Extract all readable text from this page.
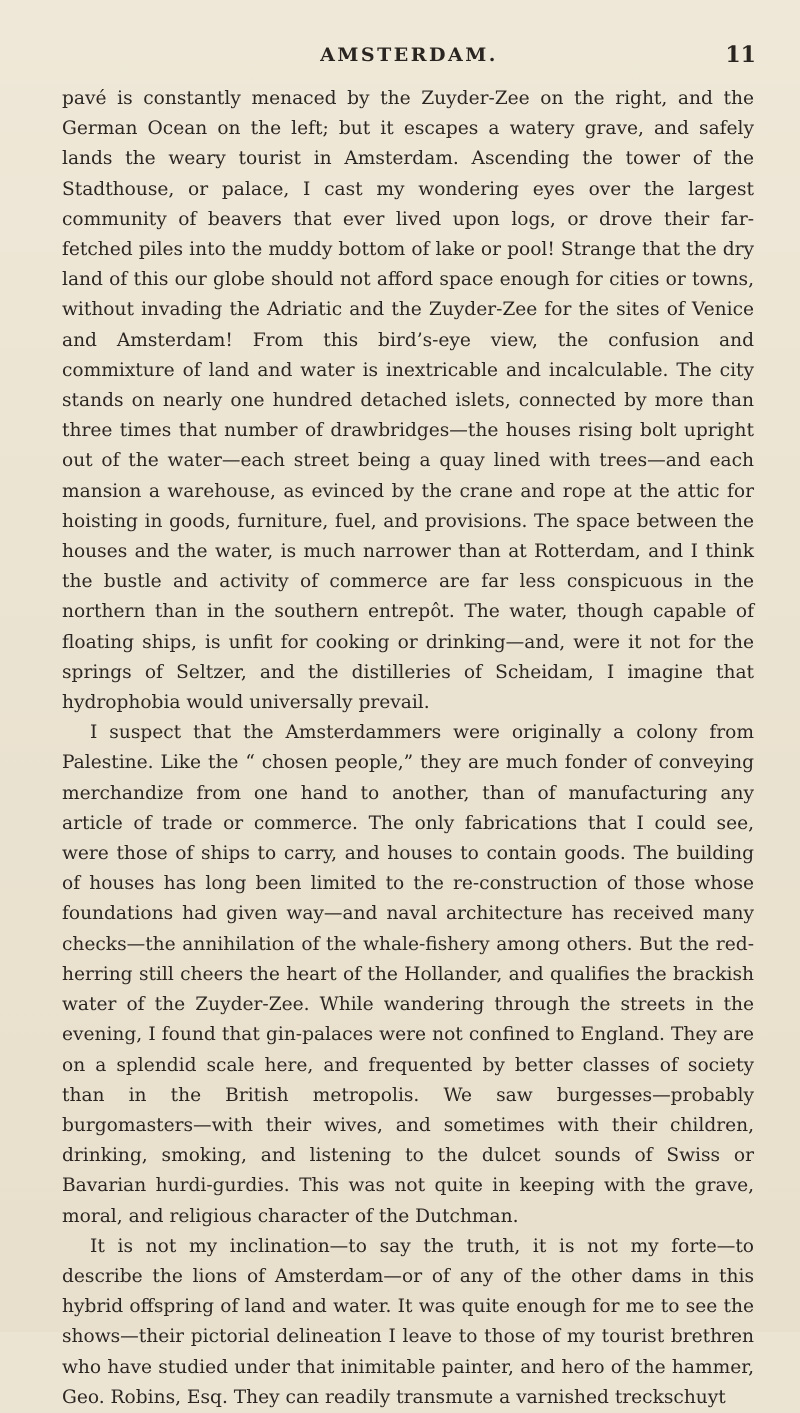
AMSTERDAM.	11

pavé is constantly menaced by the Zuyder-Zee on the right, and the German Ocean on the left; but it escapes a watery grave, and safely lands the weary tourist in Amsterdam. Ascending the tower of the Stadthouse, or palace, I cast my wondering eyes over the largest community of beavers that ever lived upon logs, or drove their far-fetched piles into the muddy bottom of lake or pool! Strange that the dry land of this our globe should not afford space enough for cities or towns, without invading the Adriatic and the Zuyder-Zee for the sites of Venice and Amsterdam! From this bird’s-eye view, the confusion and commixture of land and water is inextricable and incalculable. The city stands on nearly one hundred detached islets, connected by more than three times that number of drawbridges—the houses rising bolt upright out of the water—each street being a quay lined with trees—and each mansion a warehouse, as evinced by the crane and rope at the attic for hoisting in goods, furniture, fuel, and provisions. The space between the houses and the water, is much narrower than at Rotterdam, and I think the bustle and activity of commerce are far less conspicuous in the northern than in the southern entrepôt. The water, though capable of floating ships, is unfit for cooking or drinking—and, were it not for the springs of Seltzer, and the distilleries of Scheidam, I imagine that hydrophobia would universally prevail.

I suspect that the Amsterdammers were originally a colony from Palestine. Like the “ chosen people,” they are much fonder of conveying merchandize from one hand to another, than of manufacturing any article of trade or commerce. The only fabrications that I could see, were those of ships to carry, and houses to contain goods. The building of houses has long been limited to the re-construction of those whose foundations had given way—and naval architecture has received many checks—the annihilation of the whale-fishery among others. But the red-herring still cheers the heart of the Hollander, and qualifies the brackish water of the Zuyder-Zee. While wandering through the streets in the evening, I found that gin-palaces were not confined to England. They are on a splendid scale here, and frequented by better classes of society than in the British metropolis. We saw burgesses—probably burgomasters—with their wives, and sometimes with their children, drinking, smoking, and listening to the dulcet sounds of Swiss or Bavarian hurdi-gurdies. This was not quite in keeping with the grave, moral, and religious character of the Dutchman.

It is not my inclination—to say the truth, it is not my forte—to describe the lions of Amsterdam—or of any of the other dams in this hybrid offspring of land and water. It was quite enough for me to see the shows—their pictorial delineation I leave to those of my tourist brethren who have studied under that inimitable painter, and hero of the hammer, Geo. Robins, Esq. They can readily transmute a varnished treckschuyt
